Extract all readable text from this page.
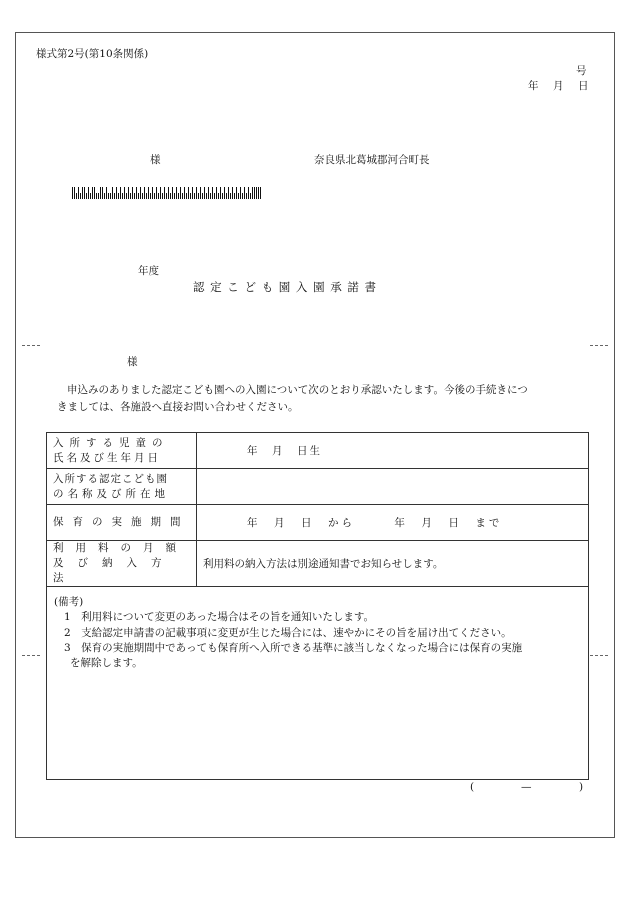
様式第2号(第10条関係)
号
年　月　日
様	奈良県北葛城郡河合町長
年度
認 定 こ ど も 園 入 園 承 諾 書
様
申込みのありました認定こども園への入園について次のとおり承認いたします。今後の手続きにつ
きましては、各施設へ直接お問い合わせください。
入所する児童の
氏名及び生年月日	年　月　日生

入所する認定こども園
の名称及び所在地	

保育の実施期間	年　月　日　から 年　月　日　まで

利用料の月額
及び納入方法	利用料の納入方法は別途通知書でお知らせします。
(備考)
1　利用料について変更のあった場合はその旨を通知いたします。
2　支給認定申請書の記載事項に変更が生じた場合には、速やかにその旨を届け出てください。
3　保育の実施期間中であっても保育所へ入所できる基準に該当しなくなった場合には保育の実施
を解除します。
(	—	)
